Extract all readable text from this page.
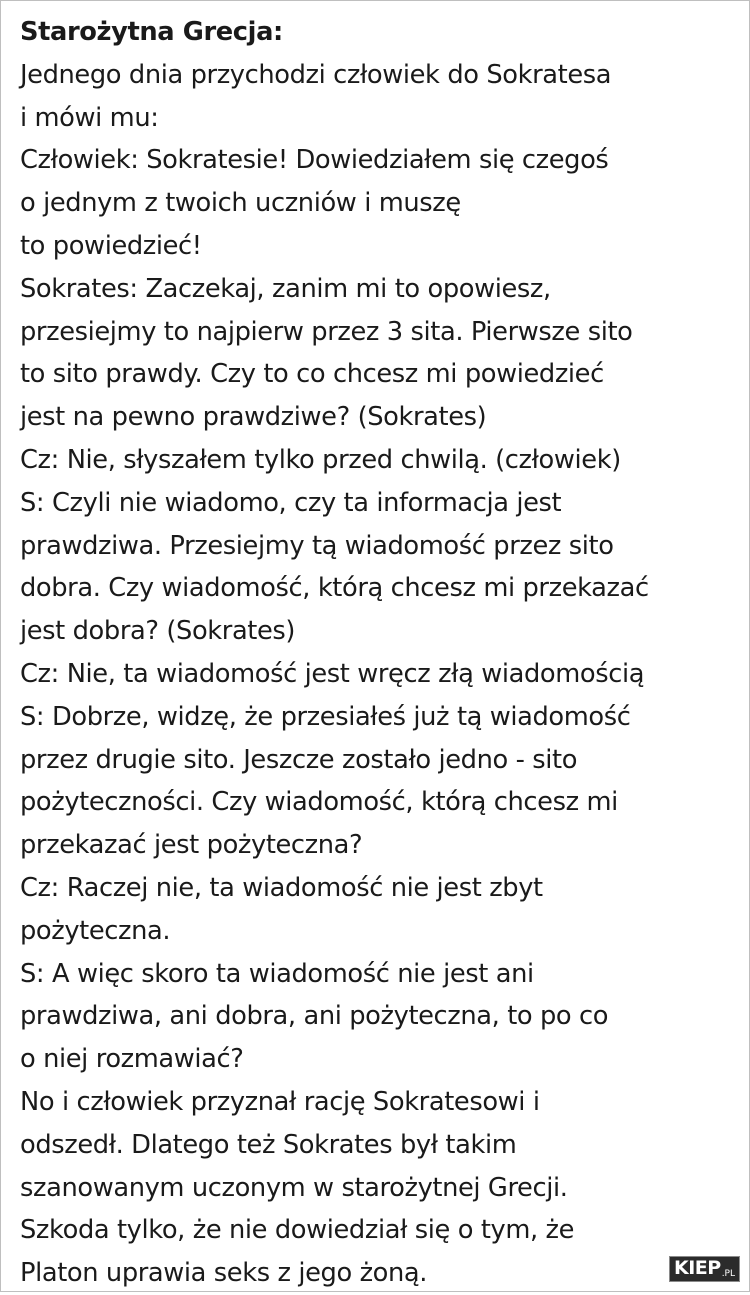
Starożytna Grecja:
Jednego dnia przychodzi człowiek do Sokratesa
i mówi mu:
Człowiek: Sokratesie! Dowiedziałem się czegoś
o jednym z twoich uczniów i muszę
to powiedzieć!
Sokrates: Zaczekaj, zanim mi to opowiesz,
przesiejmy to najpierw przez 3 sita. Pierwsze sito
to sito prawdy. Czy to co chcesz mi powiedzieć
jest na pewno prawdziwe? (Sokrates)
Cz: Nie, słyszałem tylko przed chwilą. (człowiek)
S: Czyli nie wiadomo, czy ta informacja jest
prawdziwa. Przesiejmy tą wiadomość przez sito
dobra. Czy wiadomość, którą chcesz mi przekazać
jest dobra? (Sokrates)
Cz: Nie, ta wiadomość jest wręcz złą wiadomością
S: Dobrze, widzę, że przesiałeś już tą wiadomość
przez drugie sito. Jeszcze zostało jedno - sito
pożyteczności. Czy wiadomość, którą chcesz mi
przekazać jest pożyteczna?
Cz: Raczej nie, ta wiadomość nie jest zbyt
pożyteczna.
S: A więc skoro ta wiadomość nie jest ani
prawdziwa, ani dobra, ani pożyteczna, to po co
o niej rozmawiać?
No i człowiek przyznał rację Sokratesowi i
odszedł. Dlatego też Sokrates był takim
szanowanym uczonym w starożytnej Grecji.
Szkoda tylko, że nie dowiedział się o tym, że
Platon uprawia seks z jego żoną.	KIEP .PL
